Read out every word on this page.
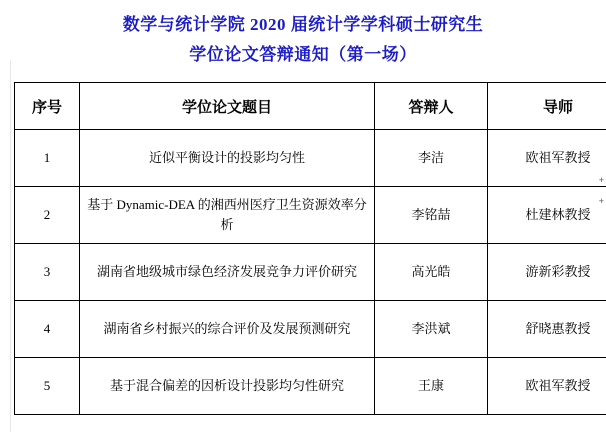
数学与统计学院 2020 届统计学学科硕士研究生
学位论文答辩通知（第一场）
序号	学位论文题目	答辩人	导师
1	近似平衡设计的投影均匀性	李洁	欧祖军教授
2	基于 Dynamic-DEA 的湘西州医疗卫生资源效率分析	李铭喆	杜建林教授
3	湖南省地级城市绿色经济发展竞争力评价研究	高光皓	游新彩教授
4	湖南省乡村振兴的综合评价及发展预测研究	李洪斌	舒晓惠教授
5	基于混合偏差的因析设计投影均匀性研究	王康	欧祖军教授
+
+
